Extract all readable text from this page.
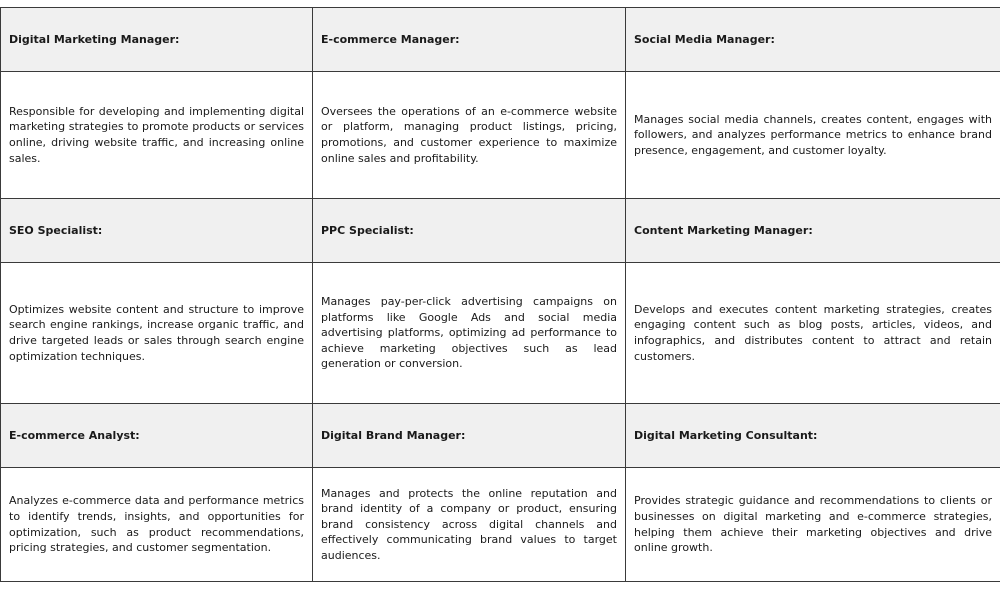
Digital Marketing Manager:	E-commerce Manager:	Social Media Manager:
Responsible for developing and implementing digital marketing strategies to promote products or services online, driving website traffic, and increasing online sales.	Oversees the operations of an e-commerce website or platform, managing product listings, pricing, promotions, and customer experience to maximize online sales and profitability.	Manages social media channels, creates content, engages with followers, and analyzes performance metrics to enhance brand presence, engagement, and customer loyalty.
SEO Specialist:	PPC Specialist:	Content Marketing Manager:
Optimizes website content and structure to improve search engine rankings, increase organic traffic, and drive targeted leads or sales through search engine optimization techniques.	Manages pay-per-click advertising campaigns on platforms like Google Ads and social media advertising platforms, optimizing ad performance to achieve marketing objectives such as lead generation or conversion.	Develops and executes content marketing strategies, creates engaging content such as blog posts, articles, videos, and infographics, and distributes content to attract and retain customers.
E-commerce Analyst:	Digital Brand Manager:	Digital Marketing Consultant:
Analyzes e-commerce data and performance metrics to identify trends, insights, and opportunities for optimization, such as product recommendations, pricing strategies, and customer segmentation.	Manages and protects the online reputation and brand identity of a company or product, ensuring brand consistency across digital channels and effectively communicating brand values to target audiences.	Provides strategic guidance and recommendations to clients or businesses on digital marketing and e-commerce strategies, helping them achieve their marketing objectives and drive online growth.
